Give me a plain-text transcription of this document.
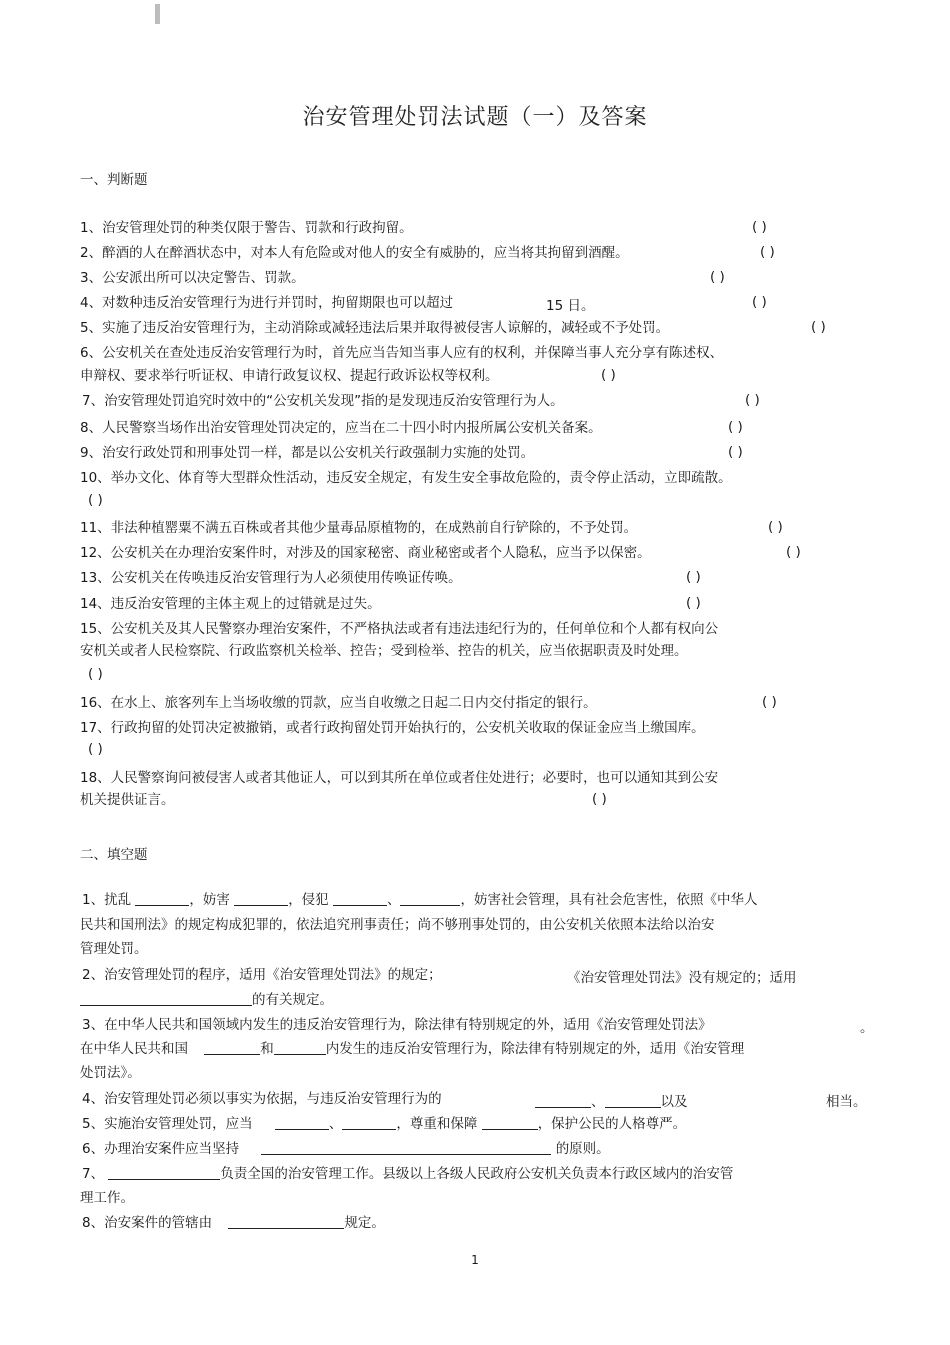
治安管理处罚法试题（一）及答案
一、判断题
1、治安管理处罚的种类仅限于警告、罚款和行政拘留。	( )
2、醉酒的人在醉酒状态中，对本人有危险或对他人的安全有威胁的，应当将其拘留到酒醒。	( )
3、公安派出所可以决定警告、罚款。	( )
4、对数种违反治安管理行为进行并罚时，拘留期限也可以超过	15 日。	( )
5、实施了违反治安管理行为，主动消除或减轻违法后果并取得被侵害人谅解的，减轻或不予处罚。	( )
6、公安机关在查处违反治安管理行为时，首先应当告知当事人应有的权利，并保障当事人充分享有陈述权、
申辩权、要求举行听证权、申请行政复议权、提起行政诉讼权等权利。	( )
7、治安管理处罚追究时效中的“公安机关发现”指的是发现违反治安管理行为人。	( )
8、人民警察当场作出治安管理处罚决定的，应当在二十四小时内报所属公安机关备案。	( )
9、治安行政处罚和刑事处罚一样，都是以公安机关行政强制力实施的处罚。	( )
10、举办文化、体育等大型群众性活动，违反安全规定，有发生安全事故危险的，责令停止活动，立即疏散。
( )
11、非法种植罂粟不满五百株或者其他少量毒品原植物的，在成熟前自行铲除的，不予处罚。	( )
12、公安机关在办理治安案件时，对涉及的国家秘密、商业秘密或者个人隐私，应当予以保密。	( )
13、公安机关在传唤违反治安管理行为人必须使用传唤证传唤。	( )
14、违反治安管理的主体主观上的过错就是过失。	( )
15、公安机关及其人民警察办理治安案件，不严格执法或者有违法违纪行为的，任何单位和个人都有权向公
安机关或者人民检察院、行政监察机关检举、控告；受到检举、控告的机关，应当依据职责及时处理。
( )
16、在水上、旅客列车上当场收缴的罚款，应当自收缴之日起二日内交付指定的银行。	( )
17、行政拘留的处罚决定被撤销，或者行政拘留处罚开始执行的，公安机关收取的保证金应当上缴国库。
( )
18、人民警察询问被侵害人或者其他证人，可以到其所在单位或者住处进行；必要时，也可以通知其到公安
机关提供证言。	( )
二、填空题
1、扰乱	，妨害	，侵犯	、	，妨害社会管理，具有社会危害性，依照《中华人
民共和国刑法》的规定构成犯罪的，依法追究刑事责任；尚不够刑事处罚的，由公安机关依照本法给以治安
管理处罚。
2、治安管理处罚的程序，适用《治安管理处罚法》的规定；	《治安管理处罚法》没有规定的；适用
的有关规定。
3、在中华人民共和国领域内发生的违反治安管理行为，除法律有特别规定的外，适用《治安管理处罚法》	。
在中华人民共和国	和	内发生的违反治安管理行为，除法律有特别规定的外，适用《治安管理
处罚法》。
4、治安管理处罚必须以事实为依据，与违反治安管理行为的	、	以及	相当。
5、实施治安管理处罚，应当	、	，尊重和保障	，保护公民的人格尊严。
6、办理治安案件应当坚持	的原则。
7、	负责全国的治安管理工作。县级以上各级人民政府公安机关负责本行政区域内的治安管
理工作。
8、治安案件的管辖由	规定。
1
